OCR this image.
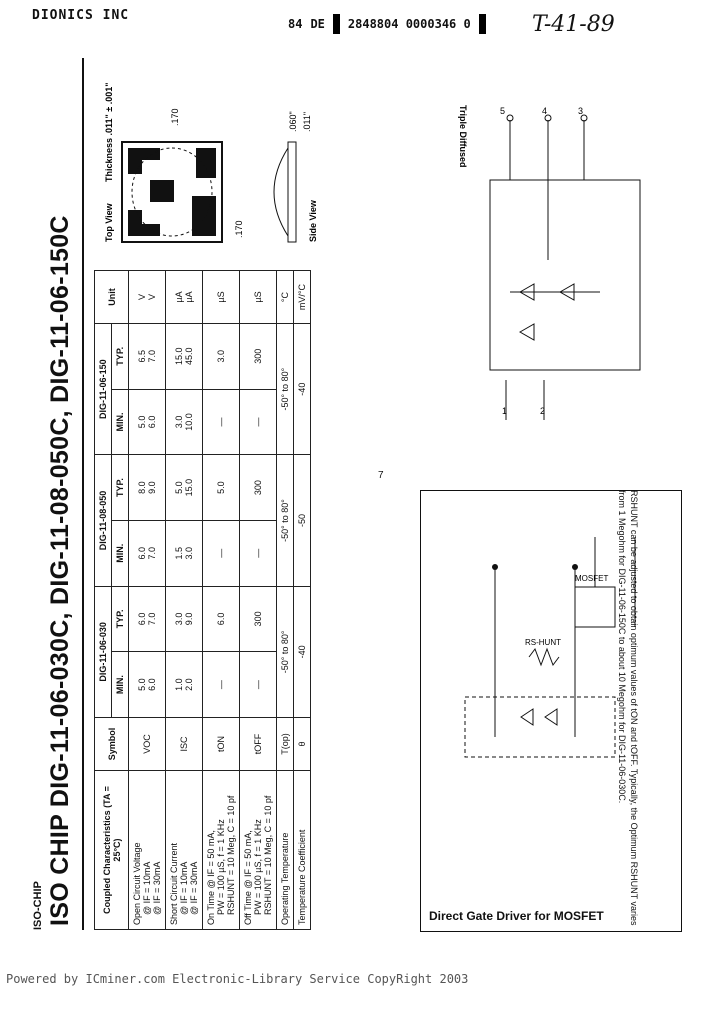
DIONICS INC
84 DE 2848804 0000346 0	T-41-89
ISO-CHIP ISO CHIP DIG-11-06-030C, DIG-11-08-050C, DIG-11-06-150C	Coupled Characteristics (TA = 25°C)	Symbol	DIG-11-06-030		DIG-11-08-050		DIG-11-06-150		Unit
		MIN.	TYP.	MIN.	TYP.	MIN.	TYP.	
Open Circuit Voltage @ IF = 10mA @ IF = 30mA	VOC	5.0 6.0	6.0 7.0	6.0 7.0	8.0 9.0	5.0 6.0	6.5 7.0	V V

Short Circuit Current @ IF = 10mA @ IF = 30mA	ISC	1.0 2.0	3.0 9.0	1.5 3.0	5.0 15.0	3.0 10.0	15.0 45.0	µA µA

On Time @ IF = 50 mA, PW = 100 µS, f = 1 KHz RSHUNT = 10 Meg, C = 10 pf	tON	—	6.0	—	5.0	—	3.0	µS
Off Time @ IF = 50 mA, PW = 100 µS, f = 1 KHz RSHUNT = 10 Meg, C = 10 pf	tOFF	—	300	—	300	—	300	µS
Operating Temperature	T(op)	-50° to 80°		-50° to 80°		-50° to 80°		°C
Temperature Coefficient	θ	-40		-50		-40		mV/°C
.170
.170
Top View
Thickness .011" ± .001"
Side View
.060" .011"	Triple Diffused	5	4	3
1	2
Direct Gate Driver for MOSFET
RS-HUNT
MOSFET	RSHUNT can be adjusted to obtain optimum values of tON and tOFF. Typically, the Optimum RSHUNT varies from 1 Megohm for DIG-11-06-150C to about 10 Megohm for DIG-11-06-030C.
7
Powered by ICminer.com Electronic-Library Service CopyRight 2003
